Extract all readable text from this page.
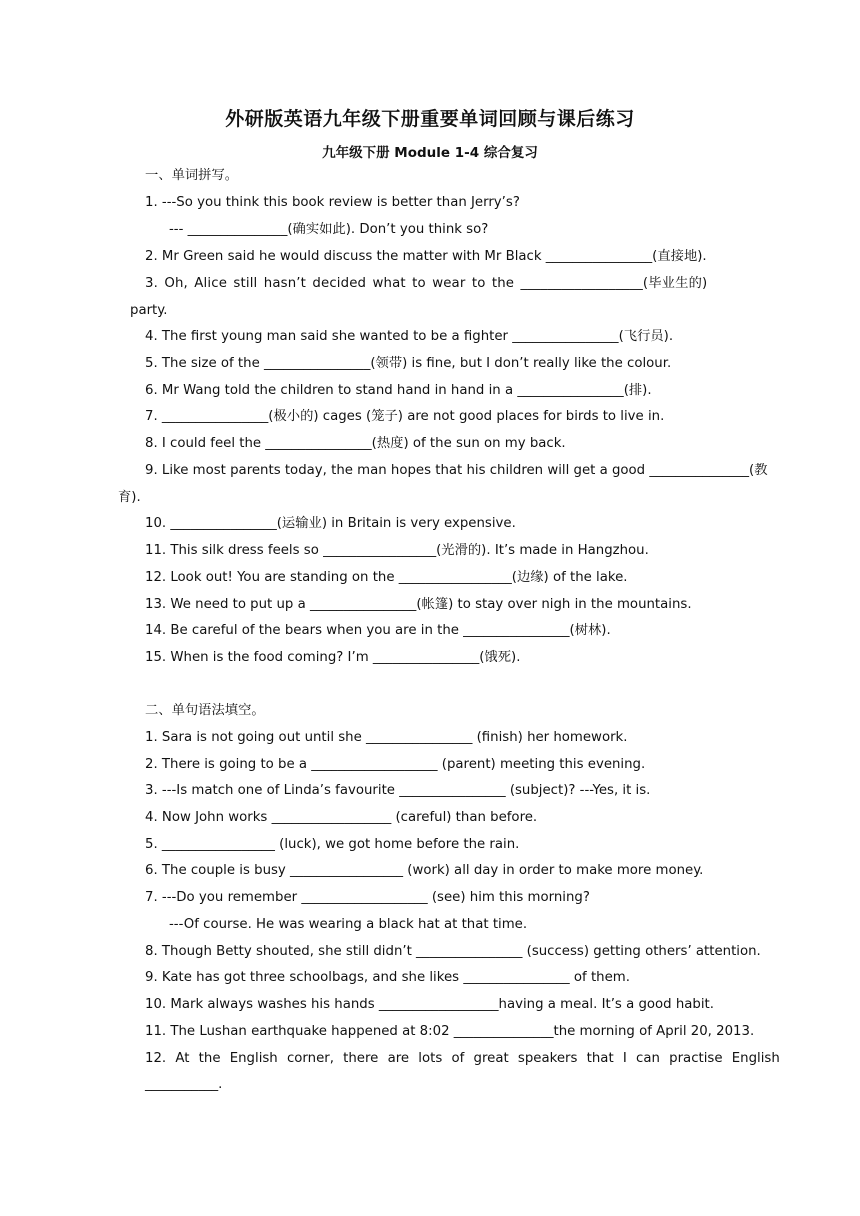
外研版英语九年级下册重要单词回顾与课后练习
九年级下册 Module 1-4 综合复习
一、单词拼写。
1. ---So you think this book review is better than Jerry’s?
--- _______________(确实如此). Don’t you think so?
2. Mr Green said he would discuss the matter with Mr Black ________________(直接地).
3. Oh, Alice still hasn’t decided what to wear to the __________________(毕业生的)
party.
4. The first young man said she wanted to be a fighter ________________(飞行员).
5. The size of the ________________(领带) is fine, but I don’t really like the colour.
6. Mr Wang told the children to stand hand in hand in a ________________(排).
7. ________________(极小的) cages (笼子) are not good places for birds to live in.
8. I could feel the ________________(热度) of the sun on my back.
9. Like most parents today, the man hopes that his children will get a good _______________(教
育).
10. ________________(运输业) in Britain is very expensive.
11. This silk dress feels so _________________(光滑的). It’s made in Hangzhou.
12. Look out! You are standing on the _________________(边缘) of the lake.
13. We need to put up a ________________(帐篷) to stay over nigh in the mountains.
14. Be careful of the bears when you are in the ________________(树林).
15. When is the food coming? I’m ________________(饿死).
二、单句语法填空。
1. Sara is not going out until she ________________ (finish) her homework.
2. There is going to be a ___________________ (parent) meeting this evening.
3. ---Is match one of Linda’s favourite ________________ (subject)? ---Yes, it is.
4. Now John works __________________ (careful) than before.
5. _________________ (luck), we got home before the rain.
6. The couple is busy _________________ (work) all day in order to make more money.
7. ---Do you remember ___________________ (see) him this morning?
---Of course. He was wearing a black hat at that time.
8. Though Betty shouted, she still didn’t ________________ (success) getting others’ attention.
9. Kate has got three schoolbags, and she likes ________________ of them.
10. Mark always washes his hands __________________having a meal. It’s a good habit.
11. The Lushan earthquake happened at 8:02 _______________the morning of April 20, 2013.
12. At the English corner, there are lots of great speakers that I can practise English
___________.
